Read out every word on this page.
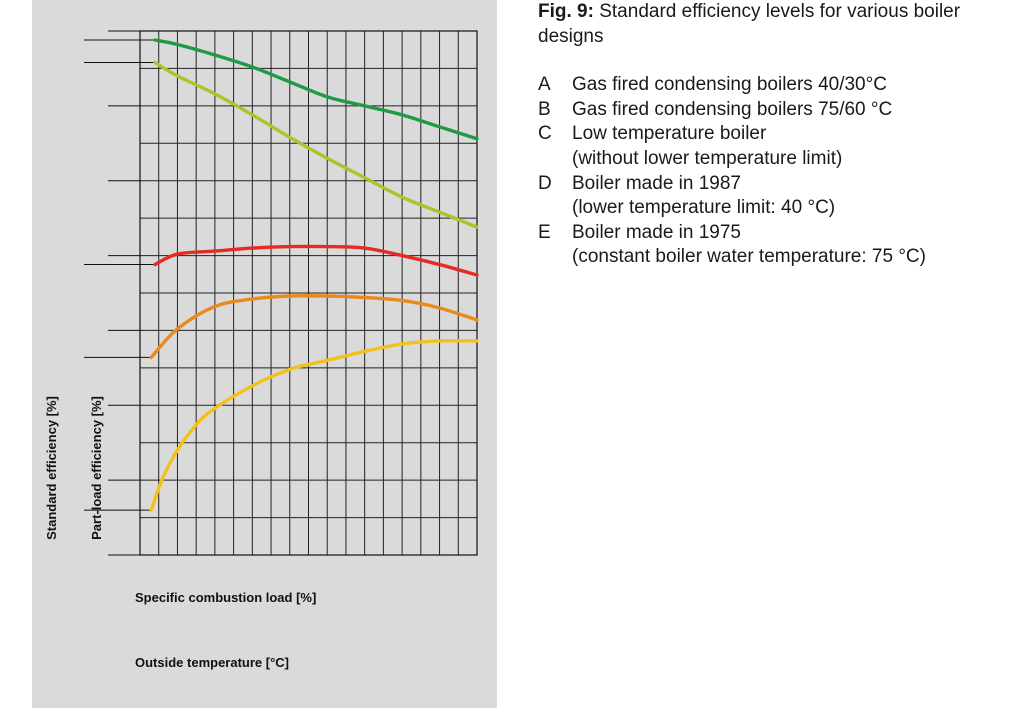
Specific combustion load [%]
Outside temperature [°C]
Part-load efficiency [%]
Standard efficiency [%]
Fig. 9: Standard efficiency levels for various boiler designs
A	Gas fired condensing boilers 40/30°C
B	Gas fired condensing boilers 75/60 °C
C	Low temperature boiler
(without lower temperature limit)
D	Boiler made in 1987
(lower temperature limit: 40 °C)
E	Boiler made in 1975
(constant boiler water temperature: 75 °C)
